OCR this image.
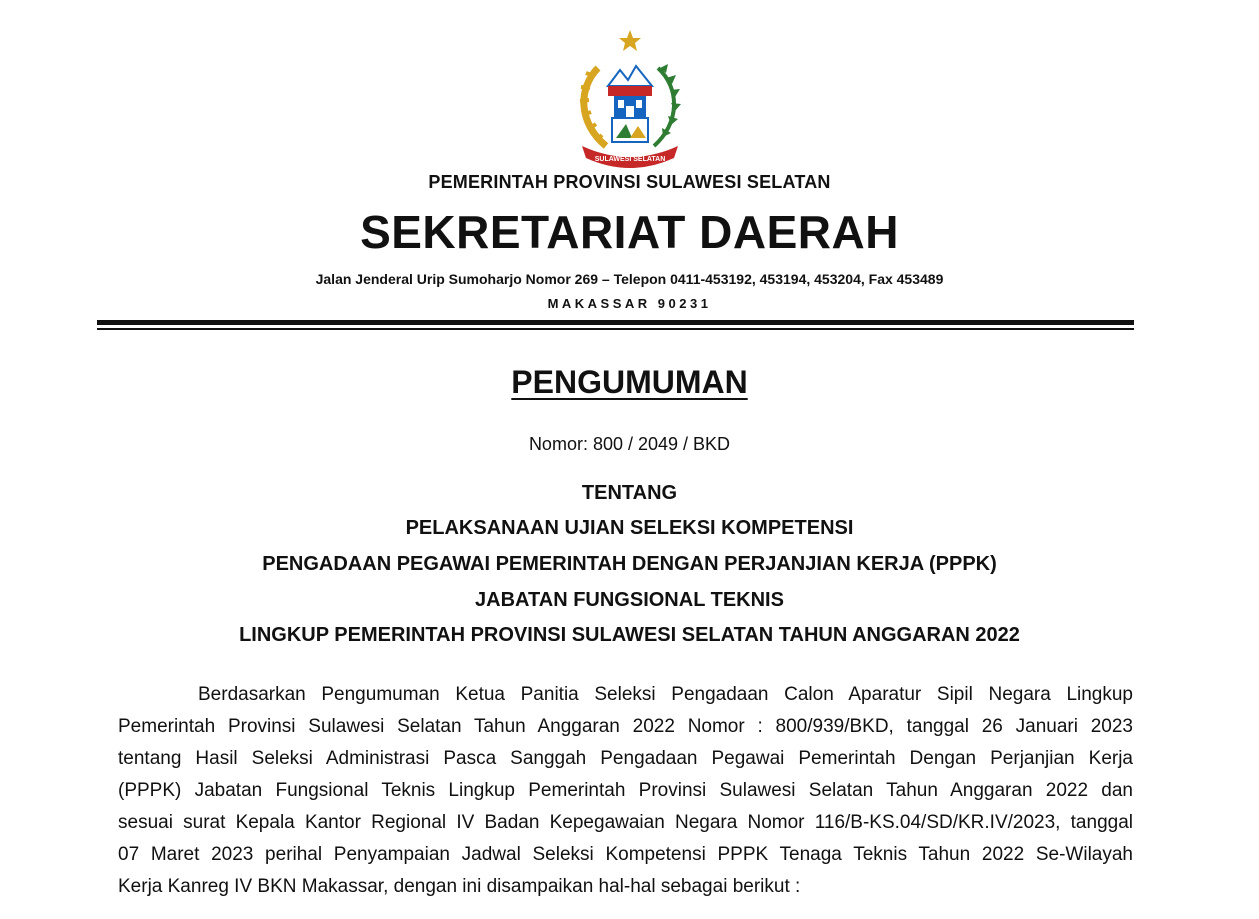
SULAWESI SELATAN
PEMERINTAH PROVINSI SULAWESI SELATAN
SEKRETARIAT DAERAH
Jalan Jenderal Urip Sumoharjo Nomor 269 – Telepon 0411-453192, 453194, 453204, Fax 453489
MAKASSAR 90231
PENGUMUMAN
Nomor: 800 / 2049 / BKD
TENTANG
PELAKSANAAN UJIAN SELEKSI KOMPETENSI
PENGADAAN PEGAWAI PEMERINTAH DENGAN PERJANJIAN KERJA (PPPK)
JABATAN FUNGSIONAL TEKNIS
LINGKUP PEMERINTAH PROVINSI SULAWESI SELATAN TAHUN ANGGARAN 2022
Berdasarkan Pengumuman Ketua Panitia Seleksi Pengadaan Calon Aparatur Sipil Negara Lingkup
Pemerintah Provinsi Sulawesi Selatan Tahun Anggaran 2022 Nomor : 800/939/BKD, tanggal 26 Januari 2023
tentang Hasil Seleksi Administrasi Pasca Sanggah Pengadaan Pegawai Pemerintah Dengan Perjanjian Kerja
(PPPK) Jabatan Fungsional Teknis Lingkup Pemerintah Provinsi Sulawesi Selatan Tahun Anggaran 2022 dan
sesuai surat Kepala Kantor Regional IV Badan Kepegawaian Negara Nomor 116/B-KS.04/SD/KR.IV/2023, tanggal
07 Maret 2023 perihal Penyampaian Jadwal Seleksi Kompetensi PPPK Tenaga Teknis Tahun 2022 Se-Wilayah
Kerja Kanreg IV BKN Makassar, dengan ini disampaikan hal-hal sebagai berikut :
